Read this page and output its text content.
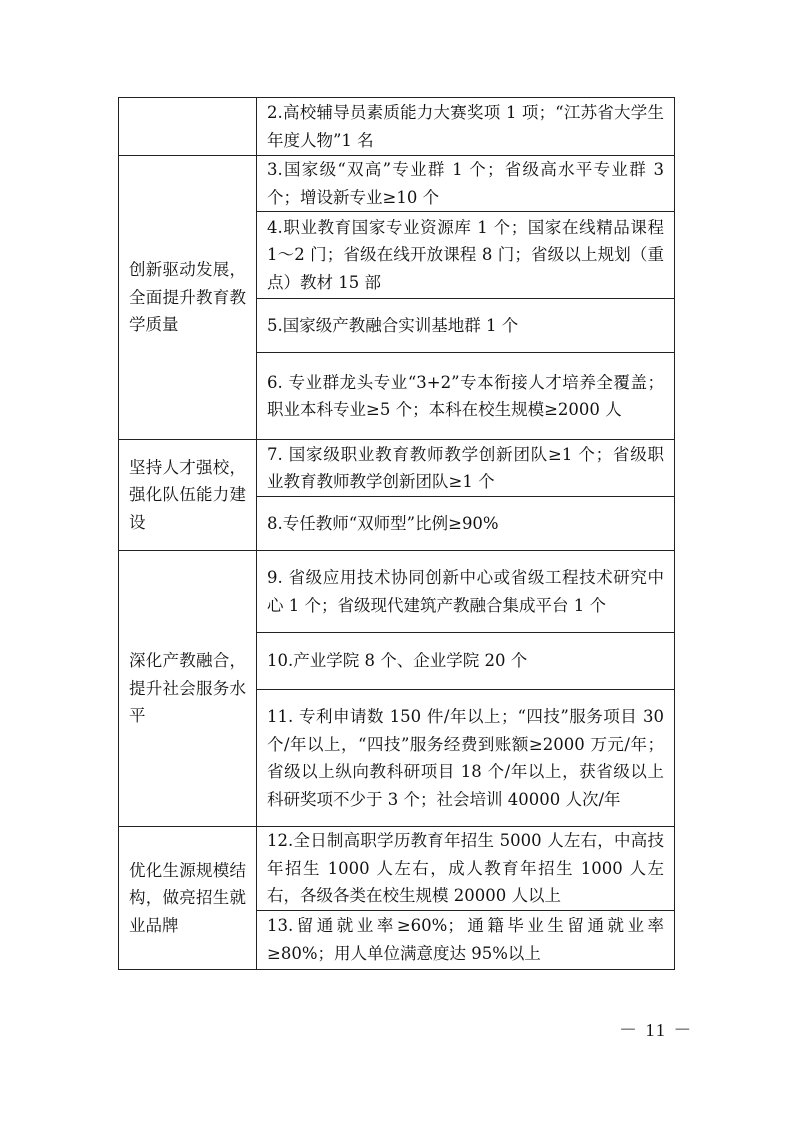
	2.高校辅导员素质能力大赛奖项 1 项；“江苏省大学生年度人物”1 名
创新驱动发展，全面提升教育教学质量	3.国家级“双高”专业群 1 个；省级高水平专业群 3 个；增设新专业≥10 个
	4.职业教育国家专业资源库 1 个；国家在线精品课程 1～2 门；省级在线开放课程 8 门；省级以上规划（重点）教材 15 部
	5.国家级产教融合实训基地群 1 个
	6. 专业群龙头专业“3+2”专本衔接人才培养全覆盖；职业本科专业≥5 个；本科在校生规模≥2000 人
坚持人才强校，强化队伍能力建设	7. 国家级职业教育教师教学创新团队≥1 个；省级职业教育教师教学创新团队≥1 个
	8.专任教师“双师型”比例≥90%
深化产教融合，提升社会服务水平	9. 省级应用技术协同创新中心或省级工程技术研究中心 1 个；省级现代建筑产教融合集成平台 1 个
	10.产业学院 8 个、企业学院 20 个
	11. 专利申请数 150 件/年以上；“四技”服务项目 30 个/年以上，“四技”服务经费到账额≥2000 万元/年；省级以上纵向教科研项目 18 个/年以上，获省级以上科研奖项不少于 3 个；社会培训 40000 人次/年
优化生源规模结构，做亮招生就业品牌	12.全日制高职学历教育年招生 5000 人左右，中高技年招生 1000 人左右，成人教育年招生 1000 人左右，各级各类在校生规模 20000 人以上
	13.留通就业率≥60%；通籍毕业生留通就业率≥80%；用人单位满意度达 95%以上
－ 11 －
